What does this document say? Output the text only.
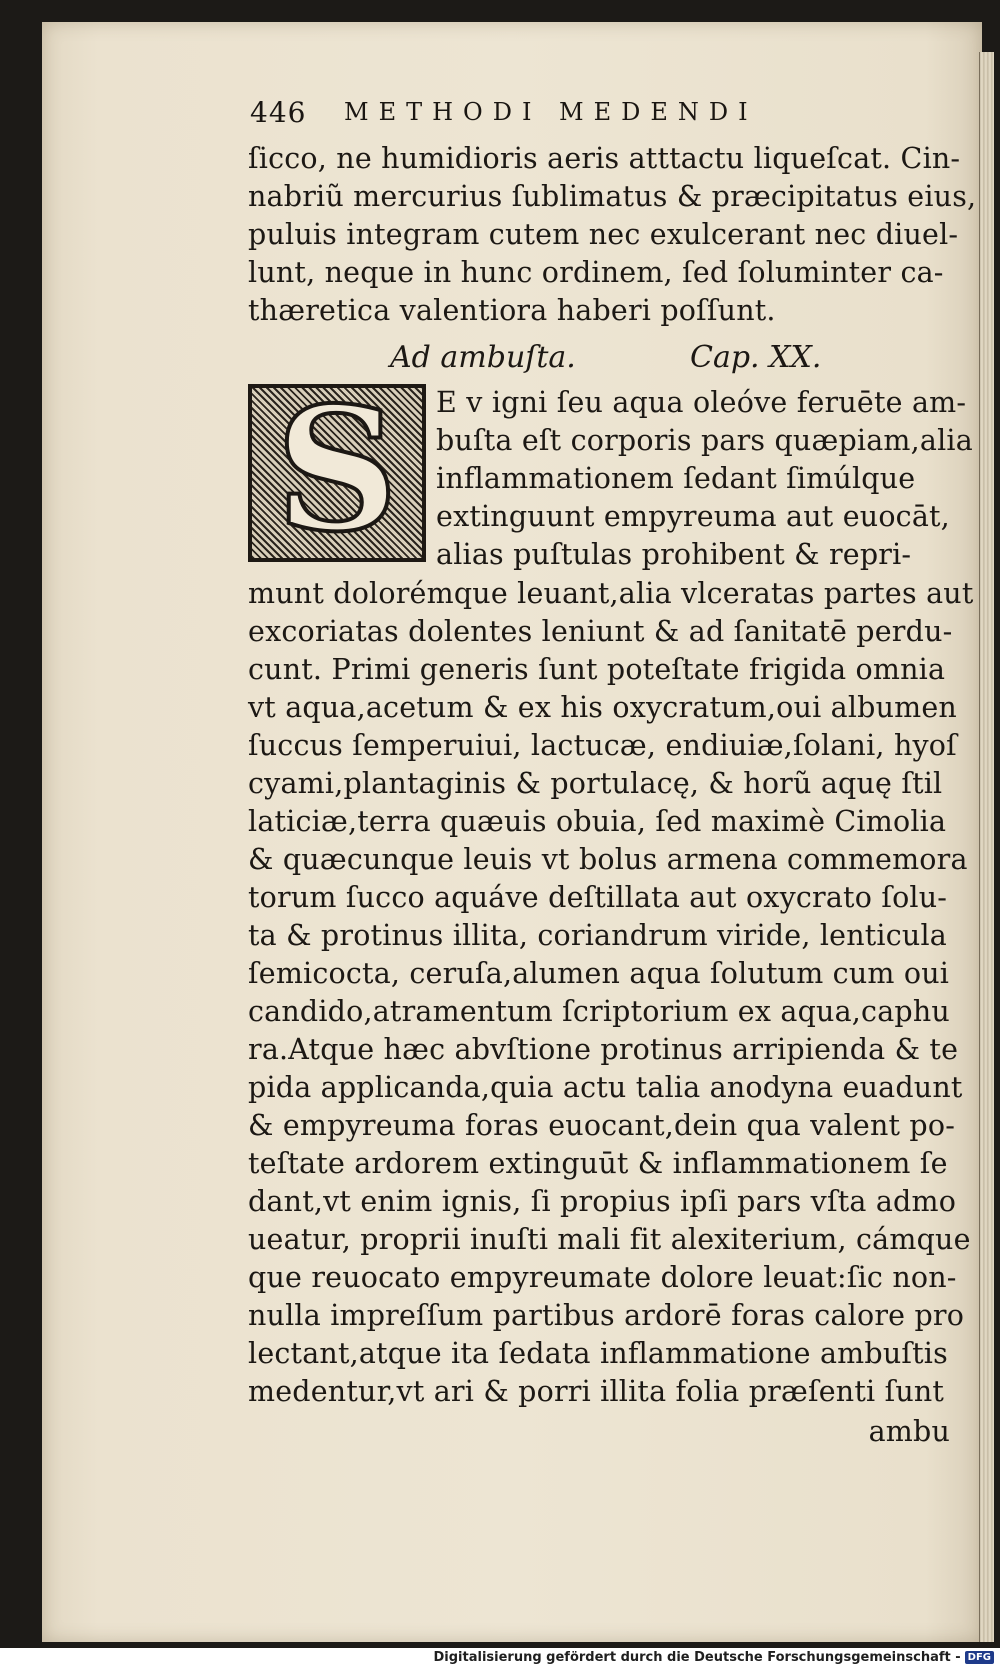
446 METHODI MEDENDI
ſicco, ne humidioris aeris atttactu liqueſcat. Cin-
nabriũ mercurius ſublimatus & præcipitatus eius,
puluis integram cutem nec exulcerant nec diuel-
lunt, neque in hunc ordinem, ſed ſoluminter ca-
thæretica valentiora haberi poſſunt.
Ad ambuſta.	Cap. XX.
S E v igni ſeu aqua oleóve feruēte am-
buſta eſt corporis pars quæpiam,alia
inflammationem ſedant ſimúlque
extinguunt empyreuma aut euocāt,
alias puſtulas prohibent & repri-
munt dolorémque leuant,alia vlceratas partes aut
excoriatas dolentes leniunt & ad ſanitatē perdu-
cunt. Primi generis ſunt poteſtate frigida omnia
vt aqua,acetum & ex his oxycratum,oui albumen
ſuccus ſemperuiui, lactucæ, endiuiæ,ſolani, hyoſ
cyami,plantaginis & portulacę, & horũ aquę ſtil
laticiæ,terra quæuis obuia, ſed maximè Cimolia
& quæcunque leuis vt bolus armena commemora
torum ſucco aquáve deſtillata aut oxycrato ſolu-
ta & protinus illita, coriandrum viride, lenticula
ſemicocta, ceruſa,alumen aqua ſolutum cum oui
candido,atramentum ſcriptorium ex aqua,caphu
ra.Atque hæc abvſtione protinus arripienda & te
pida applicanda,quia actu talia anodyna euadunt
& empyreuma foras euocant,dein qua valent po-
teſtate ardorem extinguūt & inflammationem ſe
dant,vt enim ignis, ſi propius ipſi pars vſta admo
ueatur, proprii inuſti mali fit alexiterium, cámque
que reuocato empyreumate dolore leuat:ſic non-
nulla impreſſum partibus ardorē foras calore pro
lectant,atque ita ſedata inflammatione ambuſtis
medentur,vt ari & porri illita folia præſenti ſunt
ambu
Digitalisierung gefördert durch die Deutsche Forschungsgemeinschaft - DFG
